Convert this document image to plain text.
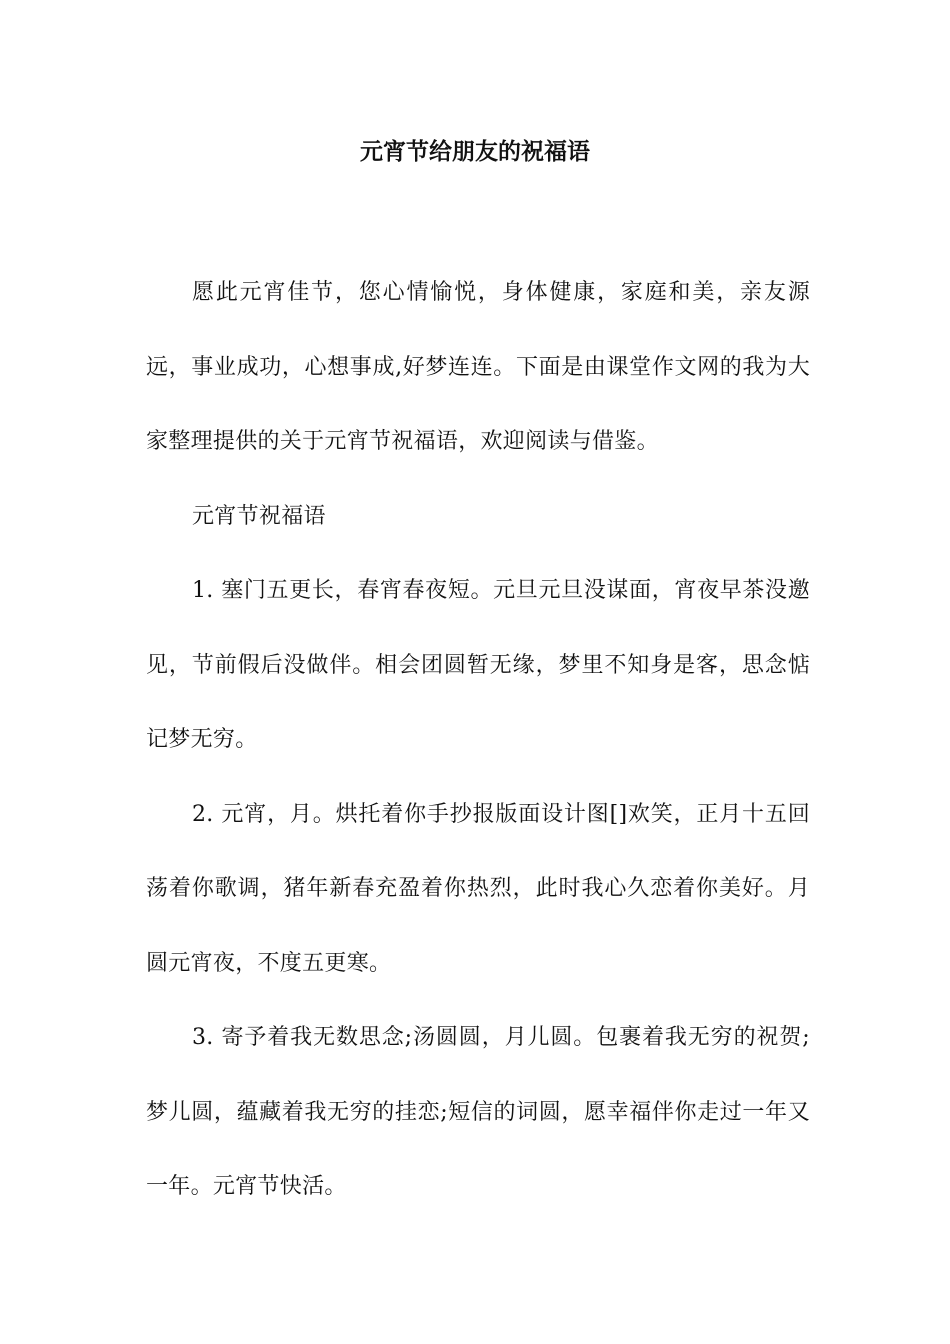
元宵节给朋友的祝福语

愿此元宵佳节，您心情愉悦，身体健康，家庭和美，亲友源远，事业成功，心想事成,好梦连连。下面是由课堂作文网的我为大家整理提供的关于元宵节祝福语，欢迎阅读与借鉴。

元宵节祝福语

1. 塞门五更长，春宵春夜短。元旦元旦没谋面，宵夜早茶没邀见，节前假后没做伴。相会团圆暂无缘，梦里不知身是客，思念惦记梦无穷。

2. 元宵，月。烘托着你手抄报版面设计图[]欢笑，正月十五回荡着你歌调，猪年新春充盈着你热烈，此时我心久恋着你美好。月圆元宵夜，不度五更寒。

3. 寄予着我无数思念;汤圆圆，月儿圆。包裹着我无穷的祝贺;梦儿圆，蕴藏着我无穷的挂恋;短信的词圆，愿幸福伴你走过一年又一年。元宵节快活。
